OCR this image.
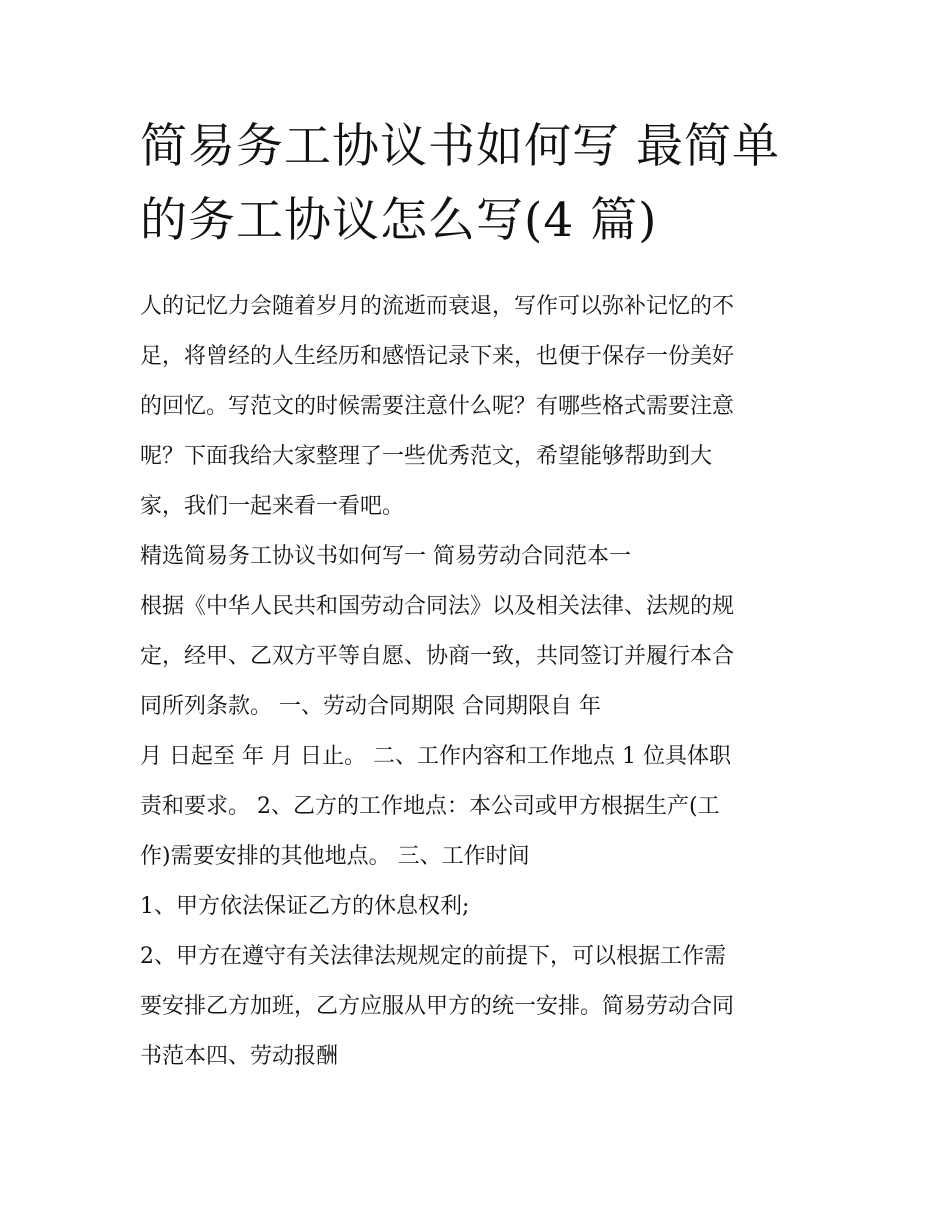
简易务工协议书如何写 最简单
的务工协议怎么写(4 篇)
人的记忆力会随着岁月的流逝而衰退，写作可以弥补记忆的不
足，将曾经的人生经历和感悟记录下来，也便于保存一份美好
的回忆。写范文的时候需要注意什么呢？有哪些格式需要注意
呢？下面我给大家整理了一些优秀范文，希望能够帮助到大
家，我们一起来看一看吧。
精选简易务工协议书如何写一 简易劳动合同范本一
根据《中华人民共和国劳动合同法》以及相关法律、法规的规
定，经甲、乙双方平等自愿、协商一致，共同签订并履行本合
同所列条款。 一、劳动合同期限 合同期限自 年
月 日起至 年 月 日止。 二、工作内容和工作地点 1 位具体职
责和要求。 2、乙方的工作地点：本公司或甲方根据生产(工
作)需要安排的其他地点。 三、工作时间
1、甲方依法保证乙方的休息权利;
2、甲方在遵守有关法律法规规定的前提下，可以根据工作需
要安排乙方加班，乙方应服从甲方的统一安排。简易劳动合同
书范本四、劳动报酬
